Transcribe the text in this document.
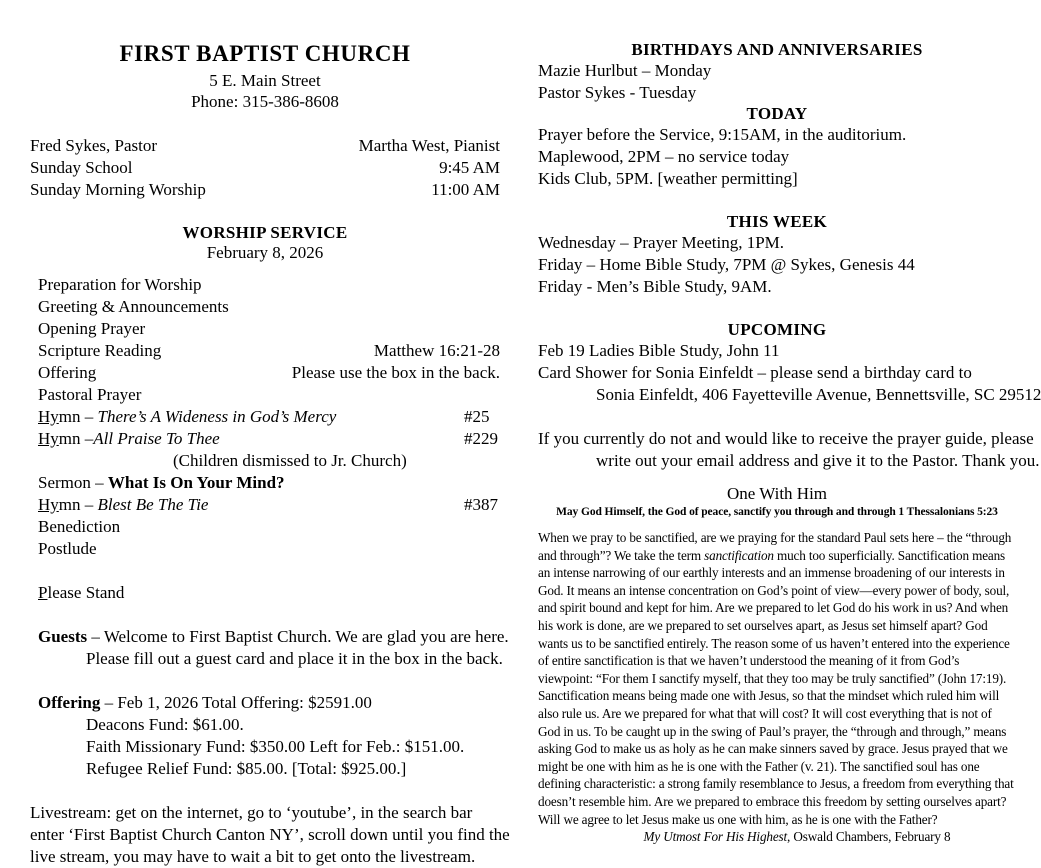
FIRST BAPTIST CHURCH
5 E. Main Street
Phone: 315-386-8608
Fred Sykes, Pastor	Martha West, Pianist
Sunday School	9:45 AM
Sunday Morning Worship	11:00 AM
WORSHIP SERVICE
February 8, 2026
Preparation for Worship
Greeting & Announcements
Opening Prayer
Scripture Reading	Matthew 16:21-28
Offering	Please use the box in the back.
Pastoral Prayer
Hymn – There’s A Wideness in God’s Mercy	#25
Hymn –All Praise To Thee	#229
(Children dismissed to Jr. Church)
Sermon – What Is On Your Mind?
Hymn – Blest Be The Tie	#387
Benediction
Postlude
Please Stand
Guests – Welcome to First Baptist Church. We are glad you are here.
Please fill out a guest card and place it in the box in the back.
Offering – Feb 1, 2026 Total Offering: $2591.00
Deacons Fund: $61.00.
Faith Missionary Fund: $350.00 Left for Feb.: $151.00.
Refugee Relief Fund: $85.00. [Total: $925.00.]
Livestream: get on the internet, go to ‘youtube’, in the search bar
enter ‘First Baptist Church Canton NY’, scroll down until you find the
live stream, you may have to wait a bit to get onto the livestream.
BIRTHDAYS AND ANNIVERSARIES
Mazie Hurlbut – Monday
Pastor Sykes - Tuesday
TODAY
Prayer before the Service, 9:15AM, in the auditorium.
Maplewood, 2PM – no service today
Kids Club, 5PM. [weather permitting]
THIS WEEK
Wednesday – Prayer Meeting, 1PM.
Friday – Home Bible Study, 7PM @ Sykes, Genesis 44
Friday - Men’s Bible Study, 9AM.
UPCOMING
Feb 19 Ladies Bible Study, John 11
Card Shower for Sonia Einfeldt – please send a birthday card to
Sonia Einfeldt, 406 Fayetteville Avenue, Bennettsville, SC 29512
If you currently do not and would like to receive the prayer guide, please
write out your email address and give it to the Pastor. Thank you.
One With Him
May God Himself, the God of peace, sanctify you through and through 1 Thessalonians 5:23
When we pray to be sanctified, are we praying for the standard Paul sets here – the “through and through”? We take the term sanctification much too superficially. Sanctification means an intense narrowing of our earthly interests and an immense broadening of our interests in God. It means an intense concentration on God’s point of view—every power of body, soul, and spirit bound and kept for him. Are we prepared to let God do his work in us? And when his work is done, are we prepared to set ourselves apart, as Jesus set himself apart? God wants us to be sanctified entirely. The reason some of us haven’t entered into the experience of entire sanctification is that we haven’t understood the meaning of it from God’s viewpoint: “For them I sanctify myself, that they too may be truly sanctified” (John 17:19). Sanctification means being made one with Jesus, so that the mindset which ruled him will also rule us. Are we prepared for what that will cost? It will cost everything that is not of God in us. To be caught up in the swing of Paul’s prayer, the “through and through,” means asking God to make us as holy as he can make sinners saved by grace. Jesus prayed that we might be one with him as he is one with the Father (v. 21). The sanctified soul has one defining characteristic: a strong family resemblance to Jesus, a freedom from everything that doesn’t resemble him. Are we prepared to embrace this freedom by setting ourselves apart? Will we agree to let Jesus make us one with him, as he is one with the Father?
My Utmost For His Highest, Oswald Chambers, February 8
